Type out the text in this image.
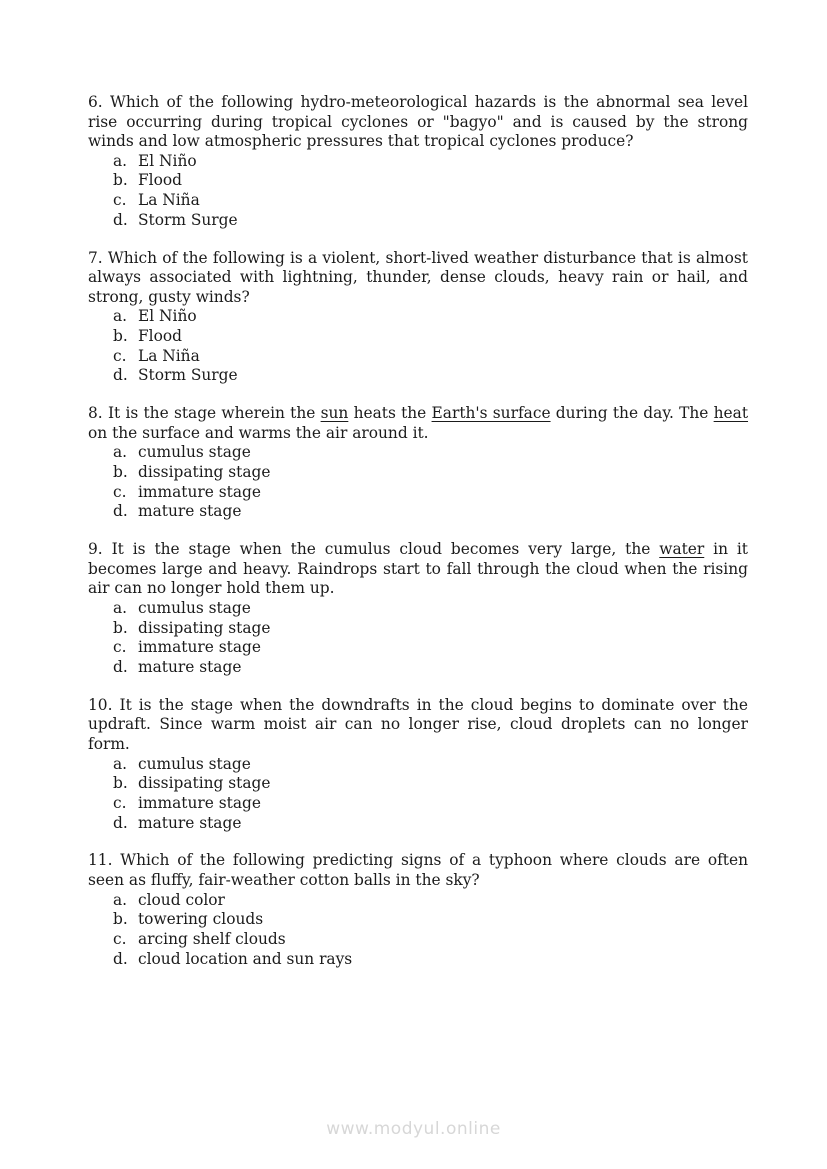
6. Which of the following hydro-meteorological hazards is the abnormal sea level rise occurring during tropical cyclones or "bagyo" and is caused by the strong winds and low atmospheric pressures that tropical cyclones produce?

a. El Niño
b. Flood
c. La Niña
d. Storm Surge

7. Which of the following is a violent, short-lived weather disturbance that is almost always associated with lightning, thunder, dense clouds, heavy rain or hail, and strong, gusty winds?

a. El Niño
b. Flood
c. La Niña
d. Storm Surge

8. It is the stage wherein the sun heats the Earth's surface during the day. The heat on the surface and warms the air around it.

a. cumulus stage
b. dissipating stage
c. immature stage
d. mature stage

9. It is the stage when the cumulus cloud becomes very large, the water in it becomes large and heavy. Raindrops start to fall through the cloud when the rising air can no longer hold them up.

a. cumulus stage
b. dissipating stage
c. immature stage
d. mature stage

10. It is the stage when the downdrafts in the cloud begins to dominate over the updraft. Since warm moist air can no longer rise, cloud droplets can no longer form.

a. cumulus stage
b. dissipating stage
c. immature stage
d. mature stage

11. Which of the following predicting signs of a typhoon where clouds are often seen as fluffy, fair-weather cotton balls in the sky?

a. cloud color
b. towering clouds
c. arcing shelf clouds
d. cloud location and sun rays
www.modyul.online
